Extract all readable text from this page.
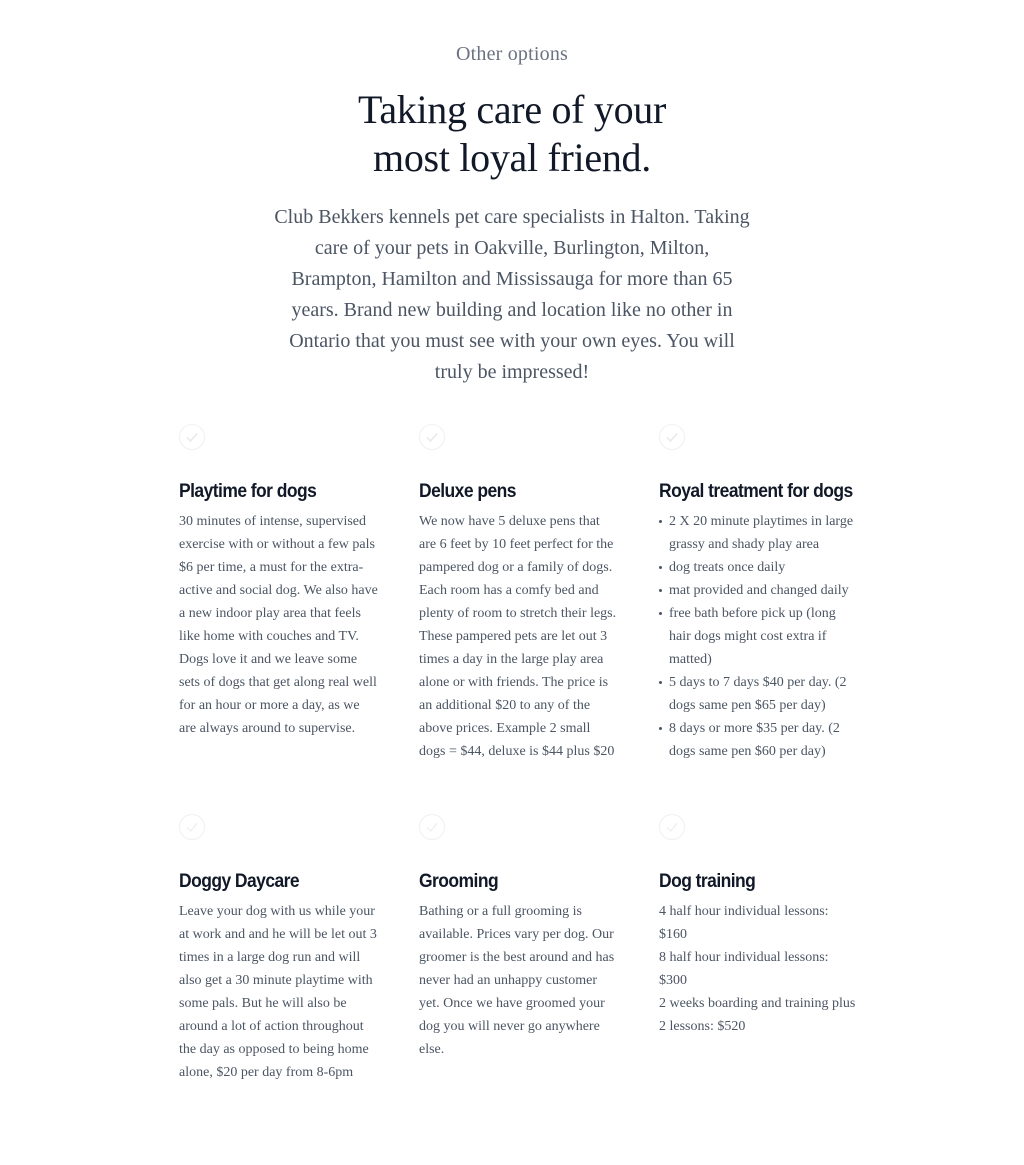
Other options
Taking care of your
most loyal friend.

Club Bekkers kennels pet care specialists in Halton. Taking care of your pets in Oakville, Burlington, Milton, Brampton, Hamilton and Mississauga for more than 65 years. Brand new building and location like no other in Ontario that you must see with your own eyes. You will truly be impressed!

Playtime for dogs

30 minutes of intense, supervised exercise with or without a few pals $6 per time, a must for the extra-active and social dog. We also have a new indoor play area that feels like home with couches and TV. Dogs love it and we leave some sets of dogs that get along real well for an hour or more a day, as we are always around to supervise.

Deluxe pens

We now have 5 deluxe pens that are 6 feet by 10 feet perfect for the pampered dog or a family of dogs. Each room has a comfy bed and plenty of room to stretch their legs. These pampered pets are let out 3 times a day in the large play area alone or with friends. The price is an additional $20 to any of the above prices. Example 2 small dogs = $44, deluxe is $44 plus $20

Royal treatment for dogs
2 X 20 minute playtimes in large grassy and shady play area
dog treats once daily
mat provided and changed daily
free bath before pick up (long hair dogs might cost extra if matted)
5 days to 7 days $40 per day. (2 dogs same pen $65 per day)
8 days or more $35 per day. (2 dogs same pen $60 per day)
Doggy Daycare

Leave your dog with us while your at work and and he will be let out 3 times in a large dog run and will also get a 30 minute playtime with some pals. But he will also be around a lot of action throughout the day as opposed to being home alone, $20 per day from 8-6pm

Grooming

Bathing or a full grooming is available. Prices vary per dog. Our groomer is the best around and has never had an unhappy customer yet. Once we have groomed your dog you will never go anywhere else.

Dog training
4 half hour individual lessons: $160
8 half hour individual lessons: $300
2 weeks boarding and training plus 2 lessons: $520
